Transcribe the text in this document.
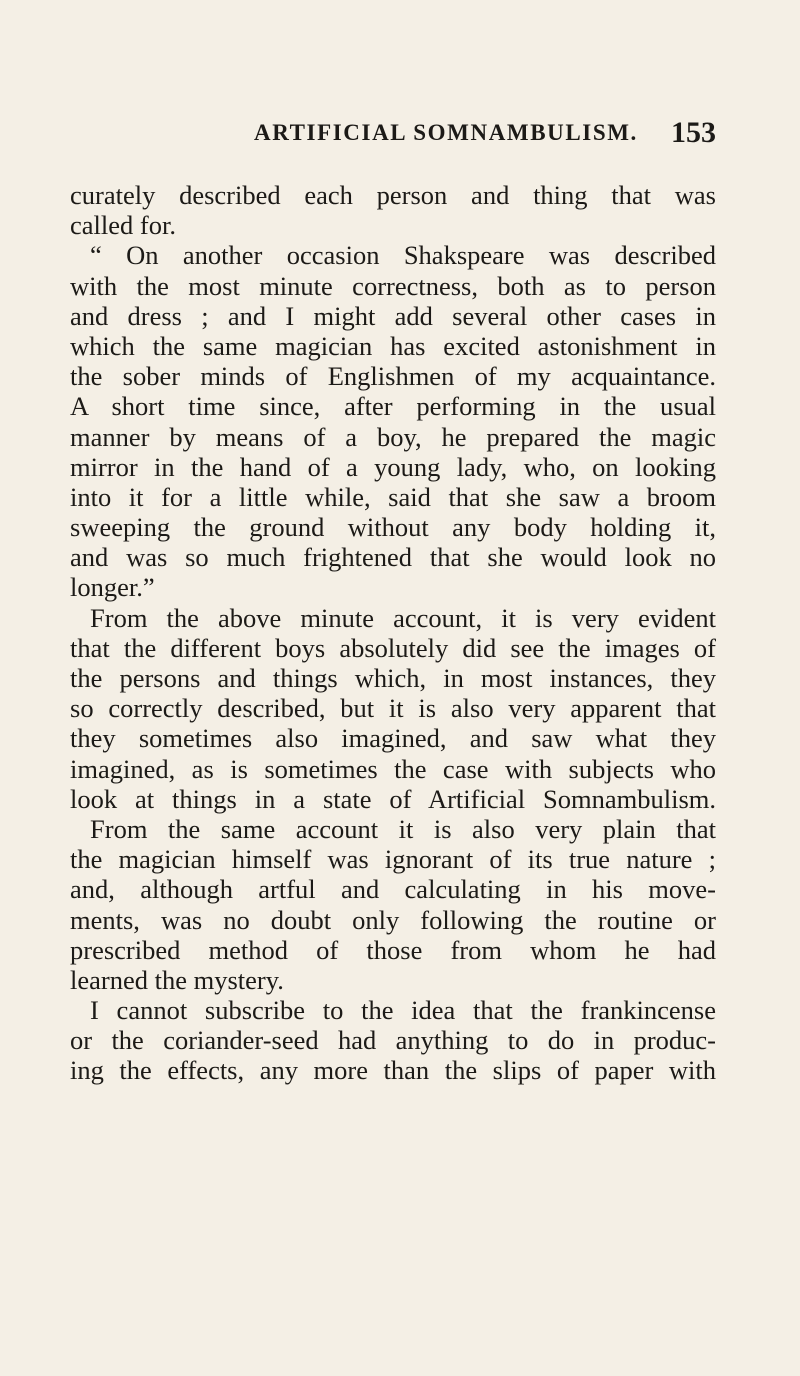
ARTIFICIAL SOMNAMBULISM. 153
curately described each person and thing that was
called for.
“ On another occasion Shakspeare was described
with the most minute correctness, both as to person
and dress ; and I might add several other cases in
which the same magician has excited astonishment in
the sober minds of Englishmen of my acquaintance.
A short time since, after performing in the usual
manner by means of a boy, he prepared the magic
mirror in the hand of a young lady, who, on looking
into it for a little while, said that she saw a broom
sweeping the ground without any body holding it,
and was so much frightened that she would look no
longer.”
From the above minute account, it is very evident
that the different boys absolutely did see the images of
the persons and things which, in most instances, they
so correctly described, but it is also very apparent that
they sometimes also imagined, and saw what they
imagined, as is sometimes the case with subjects who
look at things in a state of Artificial Somnambulism.
From the same account it is also very plain that
the magician himself was ignorant of its true nature ;
and, although artful and calculating in his move-
ments, was no doubt only following the routine or
prescribed method of those from whom he had
learned the mystery.
I cannot subscribe to the idea that the frankincense
or the coriander-seed had anything to do in produc-
ing the effects, any more than the slips of paper with
